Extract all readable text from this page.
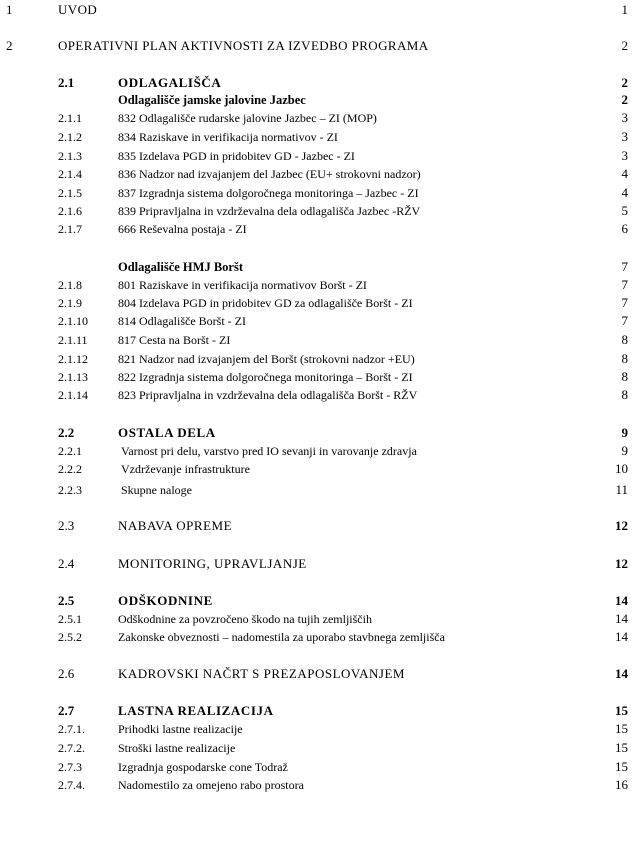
1	UVOD	1
2	OPERATIVNI PLAN AKTIVNOSTI ZA IZVEDBO PROGRAMA	2
2.1	ODLAGALIŠČA	2
Odlagališče jamske jalovine Jazbec	2
2.1.1	832 Odlagališče rudarske jalovine Jazbec – ZI (MOP)	3
2.1.2	834 Raziskave in verifikacija normativov - ZI	3
2.1.3	835 Izdelava PGD in pridobitev GD - Jazbec - ZI	3
2.1.4	836 Nadzor nad izvajanjem del Jazbec (EU+ strokovni nadzor)	4
2.1.5	837 Izgradnja sistema dolgoročnega monitoringa – Jazbec - ZI	4
2.1.6	839 Pripravljalna in vzdrževalna dela odlagališča Jazbec -RŽV	5
2.1.7	666 Reševalna postaja - ZI	6
Odlagališče HMJ Boršt	7
2.1.8	801 Raziskave in verifikacija normativov Boršt - ZI	7
2.1.9	804 Izdelava PGD in pridobitev GD za odlagališče Boršt - ZI	7
2.1.10	814 Odlagališče Boršt - ZI	7
2.1.11	817 Cesta na Boršt - ZI	8
2.1.12	821 Nadzor nad izvajanjem del Boršt (strokovni nadzor +EU)	8
2.1.13	822 Izgradnja sistema dolgoročnega monitoringa – Boršt - ZI	8
2.1.14	823 Pripravljalna in vzdrževalna dela odlagališča Boršt - RŽV	8
2.2	OSTALA DELA	9
2.2.1	Varnost pri delu, varstvo pred IO sevanji in varovanje zdravja	9
2.2.2	Vzdrževanje infrastrukture	10
2.2.3	Skupne naloge	11
2.3	NABAVA OPREME	12
2.4	MONITORING, UPRAVLJANJE	12
2.5	ODŠKODNINE	14
2.5.1	Odškodnine za povzročeno škodo na tujih zemljiščih	14
2.5.2	Zakonske obveznosti – nadomestila za uporabo stavbnega zemljišča	14
2.6	KADROVSKI NAČRT S PREZAPOSLOVANJEM	14
2.7	LASTNA REALIZACIJA	15
2.7.1.	Prihodki lastne realizacije	15
2.7.2.	Stroški lastne realizacije	15
2.7.3	Izgradnja gospodarske cone Todraž	15
2.7.4.	Nadomestilo za omejeno rabo prostora	16
